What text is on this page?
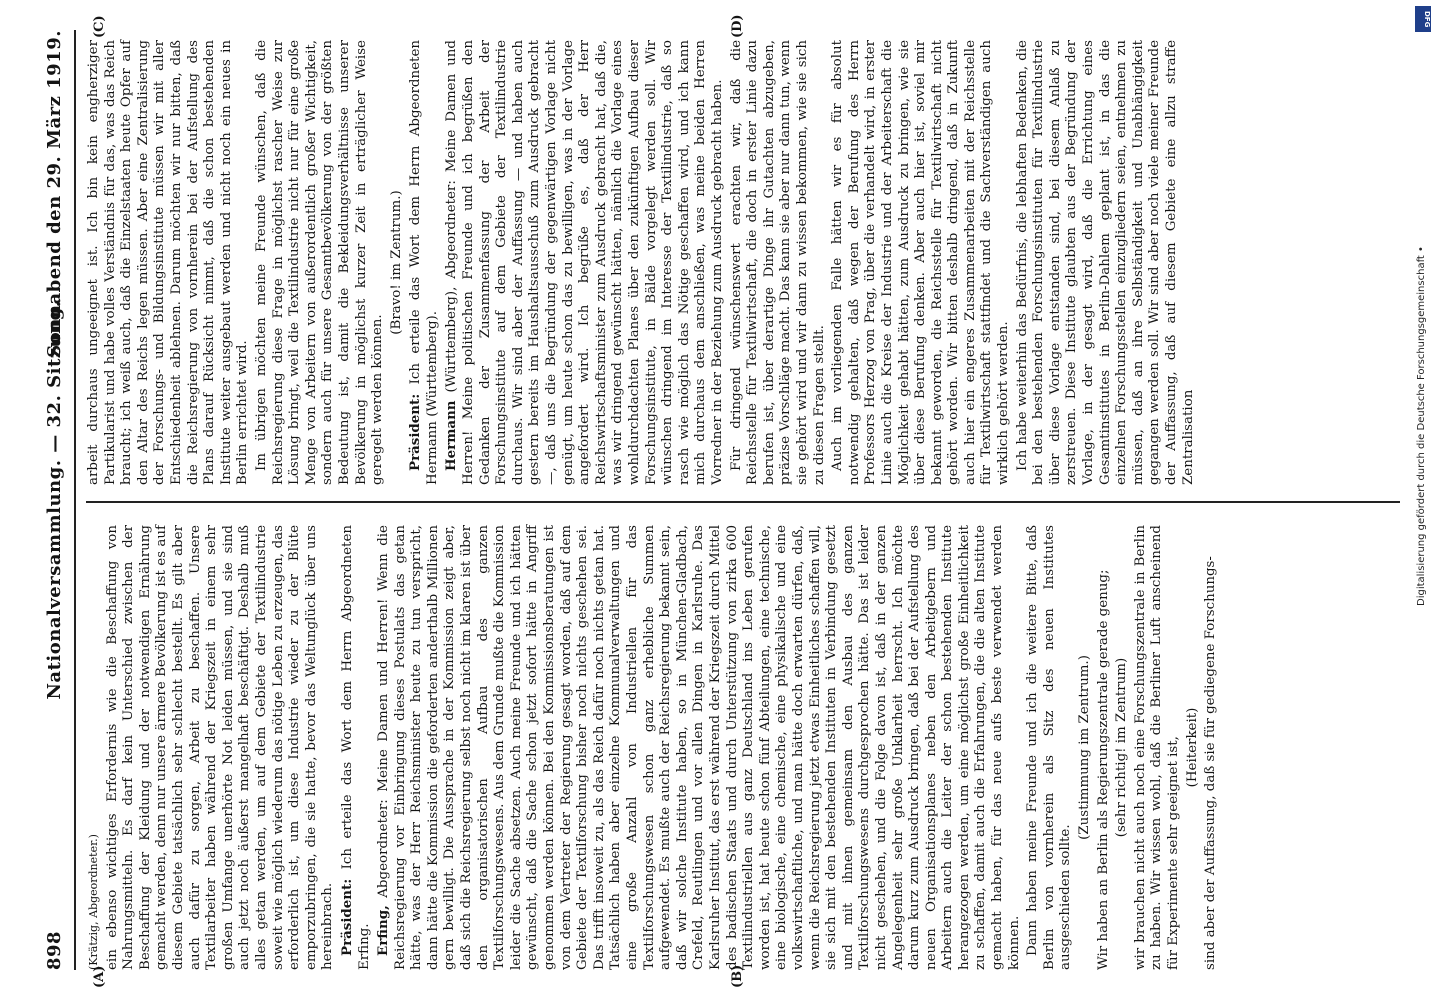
898
Nationalversammlung. — 32. Sitzung.
Sonnabend den 29. März 1919.
(A)	(B)
(C)	(D)

(Krätzig, Abgeordneter.) ein ebenso wichtiges Erfordernis wie die Beschaffung von Nahrungsmitteln. Es darf kein Unterschied zwischen der Beschaffung der Kleidung und der notwendigen Ernährung gemacht werden, denn nur unsere ärmere Bevölkerung ist es auf diesem Gebiete tatsächlich sehr schlecht bestellt. Es gilt aber auch dafür zu sorgen, Arbeit zu beschaffen. Unsere Textilarbeiter haben während der Kriegszeit in einem sehr großen Umfange unerhörte Not leiden müssen, und sie sind auch jetzt noch äußerst mangelhaft beschäftigt. Deshalb muß alles getan werden, um auf dem Gebiete der Textilindustrie soweit wie möglich wiederum das nötige Leben zu erzeugen, das erforderlich ist, um diese Industrie wieder zu der Blüte emporzubringen, die sie hatte, bevor das Weltunglück über uns hereinbrach. Präsident: Ich erteile das Wort dem Herrn Abgeordneten Erfing. Erfing, Abgeordneter: Meine Damen und Herren! Wenn die Reichsregierung vor Einbringung dieses Postulats das getan hätte, was der Herr Reichsminister heute zu tun verspricht, dann hätte die Kommission die geforderten anderthalb Millionen gern bewilligt. Die Aussprache in der Kommission zeigt aber, daß sich die Reichsregierung selbst noch nicht im klaren ist über den organisatorischen Aufbau des ganzen Textilforschungswesens. Aus dem Grunde mußte die Kommission leider die Sache absetzen. Auch meine Freunde und ich hätten gewünscht, daß die Sache schon jetzt sofort hätte in Angriff genommen werden können. Bei den Kommissionsberatungen ist von dem Vertreter der Regierung gesagt worden, daß auf dem Gebiete der Textilforschung bisher noch nichts geschehen sei. Das trifft insoweit zu, als das Reich dafür noch nichts getan hat. Tatsächlich haben aber einzelne Kommunalverwaltungen und eine große Anzahl von Industriellen für das Textilforschungswesen schon ganz erhebliche Summen aufgewendet. Es mußte auch der Reichsregierung bekannt sein, daß wir solche Institute haben, so in München-Gladbach, Crefeld, Reutlingen und vor allen Dingen in Karlsruhe. Das Karlsruher Institut, das erst während der Kriegszeit durch Mittel des badischen Staats und durch Unterstützung von zirka 600 Textilindustriellen aus ganz Deutschland ins Leben gerufen worden ist, hat heute schon fünf Abteilungen, eine technische, eine biologische, eine chemische, eine physikalische und eine volkswirtschaftliche, und man hätte doch erwarten dürfen, daß, wenn die Reichsregierung jetzt etwas Einheitliches schaffen will, sie sich mit den bestehenden Instituten in Verbindung gesetzt und mit ihnen gemeinsam den Ausbau des ganzen Textilforschungswesens durchgesprochen hätte. Das ist leider nicht geschehen, und die Folge davon ist, daß in der ganzen Angelegenheit sehr große Unklarheit herrscht. Ich möchte darum kurz zum Ausdruck bringen, daß bei der Aufstellung des neuen Organisationsplanes neben den Arbeitgebern und Arbeitern auch die Leiter der schon bestehenden Institute herangezogen werden, um eine möglichst große Einheitlichkeit zu schaffen, damit auch die Erfahrungen, die die alten Institute gemacht haben, für das neue aufs beste verwendet werden können. Dann haben meine Freunde und ich die weitere Bitte, daß Berlin von vornherein als Sitz des neuen Institutes ausgeschieden sollte.

(Zustimmung im Zentrum.) Wir haben an Berlin als Regierungszentrale gerade genug; (sehr richtig! im Zentrum) wir brauchen nicht auch noch eine Forschungszentrale in Berlin zu haben. Wir wissen wohl, daß die Berliner Luft anscheinend für Experimente sehr geeignet ist, (Heiterkeit) sind aber der Auffassung, daß sie für gediegene Forschungs-

arbeit durchaus ungeeignet ist. Ich bin kein engherziger Partikularist und habe volles Verständnis für das, was das Reich braucht; ich weiß auch, daß die Einzelstaaten heute Opfer auf den Altar des Reichs legen müssen. Aber eine Zentralisierung der Forschungs- und Bildungsinstitute müssen wir mit aller Entschiedenheit ablehnen. Darum möchten wir nur bitten, daß die Reichsregierung von vornherein bei der Aufstellung des Plans darauf Rücksicht nimmt, daß die schon bestehenden Institute weiter ausgebaut werden und nicht noch ein neues in Berlin errichtet wird. Im übrigen möchten meine Freunde wünschen, daß die Reichsregierung diese Frage in möglichst rascher Weise zur Lösung bringt, weil die Textilindustrie nicht nur für eine große Menge von Arbeitern von außerordentlich großer Wichtigkeit, sondern auch für unsere Gesamtbevölkerung von der größten Bedeutung ist, damit die Bekleidungsverhältnisse unserer Bevölkerung in möglichst kurzer Zeit in erträglicher Weise geregelt werden können.

(Bravo! im Zentrum.)

Präsident: Ich erteile das Wort dem Herrn Abgeordneten Hermann (Württemberg). Hermann (Württemberg), Abgeordneter: Meine Damen und Herren! Meine politischen Freunde und ich begrüßen den Gedanken der Zusammenfassung der Arbeit der Forschungsinstitute auf dem Gebiete der Textilindustrie durchaus. Wir sind aber der Auffassung — und haben auch gestern bereits im Haushaltsausschuß zum Ausdruck gebracht —, daß uns die Begründung der gegenwärtigen Vorlage nicht genügt, um heute schon das zu bewilligen, was in der Vorlage angefordert wird. Ich begrüße es, daß der Herr Reichswirtschaftsminister zum Ausdruck gebracht hat, daß die, was wir dringend gewünscht hätten, nämlich die Vorlage eines wohldurchdachten Planes über den zukünftigen Aufbau dieser Forschungsinstitute, in Bälde vorgelegt werden soll. Wir wünschen dringend im Interesse der Textilindustrie, daß so rasch wie möglich das Nötige geschaffen wird, und ich kann mich durchaus dem anschließen, was meine beiden Herren Vorredner in der Beziehung zum Ausdruck gebracht haben. Für dringend wünschenswert erachten wir, daß die Reichsstelle für Textilwirtschaft, die doch in erster Linie dazu berufen ist, über derartige Dinge ihr Gutachten abzugeben, präzise Vorschläge macht. Das kann sie aber nur dann tun, wenn sie gehört wird und wir dann zu wissen bekommen, wie sie sich zu diesen Fragen stellt. Auch im vorliegenden Falle hätten wir es für absolut notwendig gehalten, daß wegen der Berufung des Herrn Professors Herzog von Prag, über die verhandelt wird, in erster Linie auch die Kreise der Industrie und der Arbeiterschaft die Möglichkeit gehabt hätten, zum Ausdruck zu bringen, wie sie über diese Berufung denken. Aber auch hier ist, soviel mir bekannt geworden, die Reichsstelle für Textilwirtschaft nicht gehört worden. Wir bitten deshalb dringend, daß in Zukunft auch hier ein engeres Zusammenarbeiten mit der Reichsstelle für Textilwirtschaft stattfindet und die Sachverständigen auch wirklich gehört werden. Ich habe weiterhin das Bedürfnis, die lebhaften Bedenken, die bei den bestehenden Forschungsinstituten für Textilindustrie über diese Vorlage entstanden sind, bei diesem Anlaß zu zerstreuen. Diese Institute glaubten aus der Begründung der Vorlage, in der gesagt wird, daß die Errichtung eines Gesamtinstitutes in Berlin-Dahlem geplant ist, in das die einzelnen Forschungsstellen einzugliedern seien, entnehmen zu müssen, daß an ihre Selbständigkeit und Unabhängigkeit gegangen werden soll. Wir sind aber noch viele meiner Freunde der Auffassung, daß auf diesem Gebiete eine allzu straffe Zentralisation	Digitalisierung gefördert durch die Deutsche Forschungsgemeinschaft •
DFG
